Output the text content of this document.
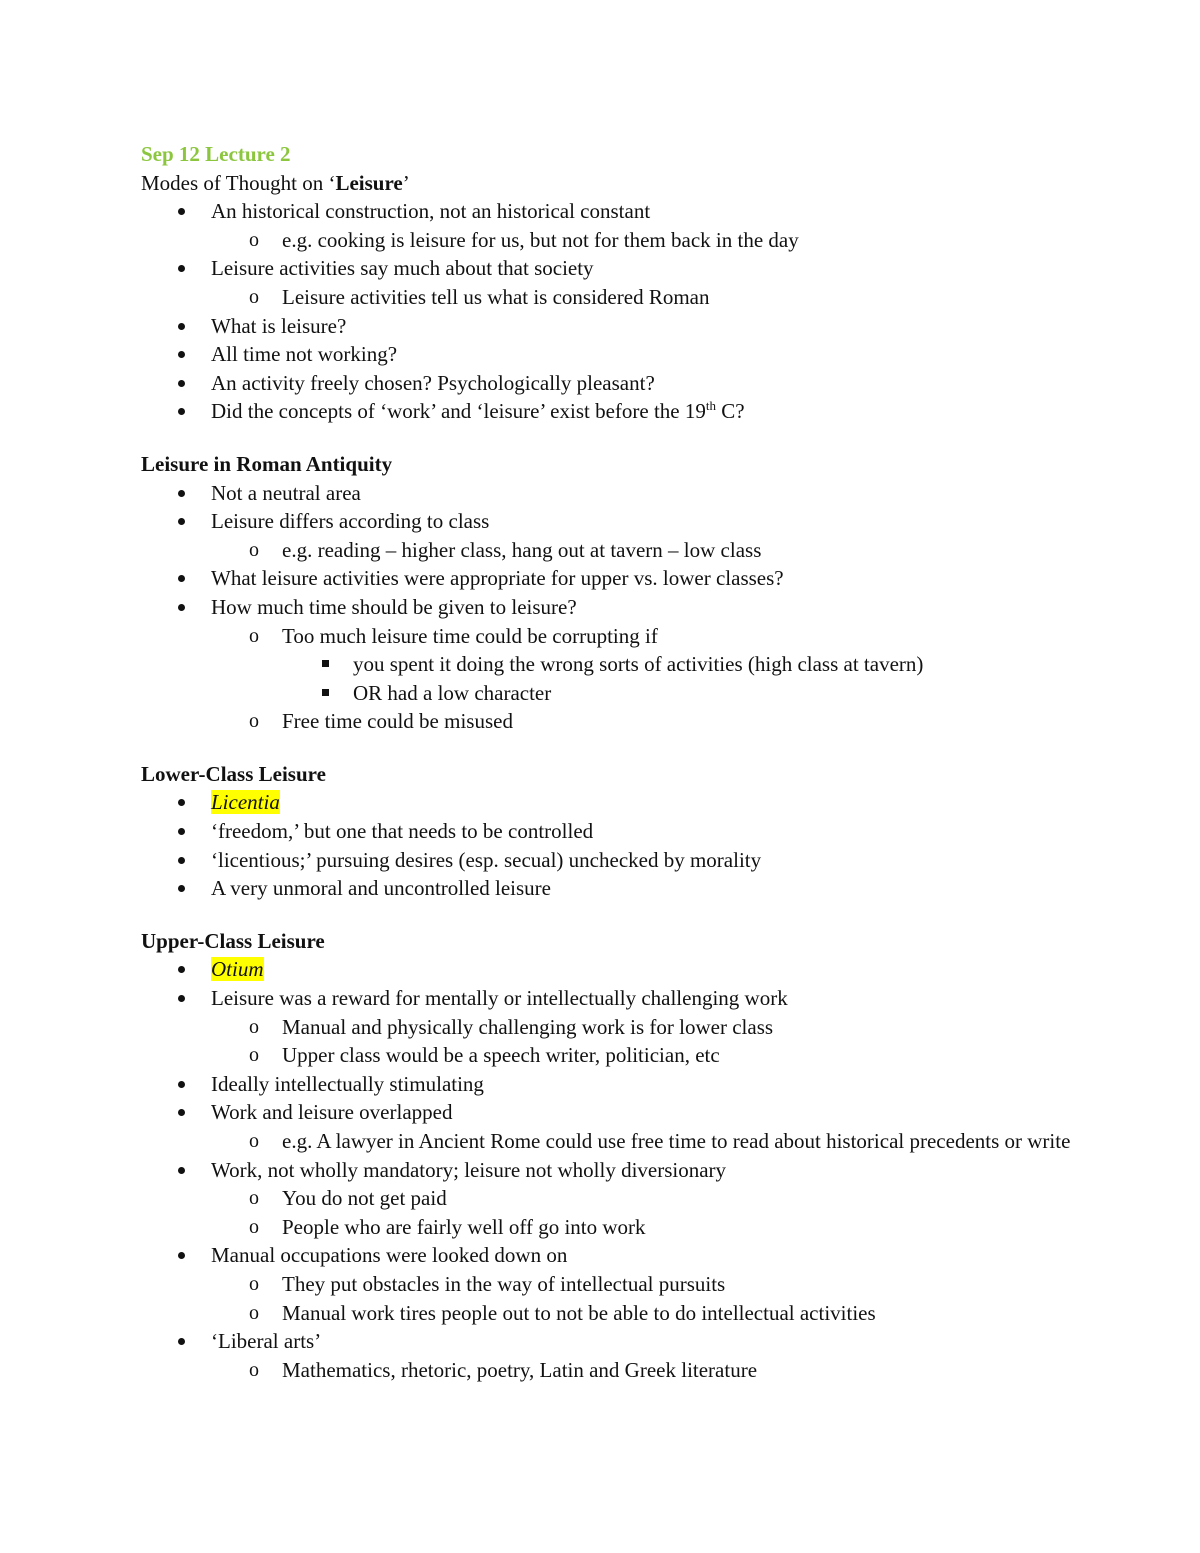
Sep 12 Lecture 2
Modes of Thought on ‘Leisure’
An historical construction, not an historical constant
o	e.g. cooking is leisure for us, but not for them back in the day
Leisure activities say much about that society
o	Leisure activities tell us what is considered Roman
What is leisure?
All time not working?
An activity freely chosen? Psychologically pleasant?
Did the concepts of ‘work’ and ‘leisure’ exist before the 19th C?
Leisure in Roman Antiquity
Not a neutral area
Leisure differs according to class
o	e.g. reading – higher class, hang out at tavern – low class
What leisure activities were appropriate for upper vs. lower classes?
How much time should be given to leisure?
o	Too much leisure time could be corrupting if
you spent it doing the wrong sorts of activities (high class at tavern)
OR had a low character
o	Free time could be misused
Lower-Class Leisure
Licentia
‘freedom,’ but one that needs to be controlled
‘licentious;’ pursuing desires (esp. secual) unchecked by morality
A very unmoral and uncontrolled leisure
Upper-Class Leisure
Otium
Leisure was a reward for mentally or intellectually challenging work
o	Manual and physically challenging work is for lower class
o	Upper class would be a speech writer, politician, etc
Ideally intellectually stimulating
Work and leisure overlapped
o	e.g. A lawyer in Ancient Rome could use free time to read about historical precedents or write
Work, not wholly mandatory; leisure not wholly diversionary
o	You do not get paid
o	People who are fairly well off go into work
Manual occupations were looked down on
o	They put obstacles in the way of intellectual pursuits
o	Manual work tires people out to not be able to do intellectual activities
‘Liberal arts’
o	Mathematics, rhetoric, poetry, Latin and Greek literature
